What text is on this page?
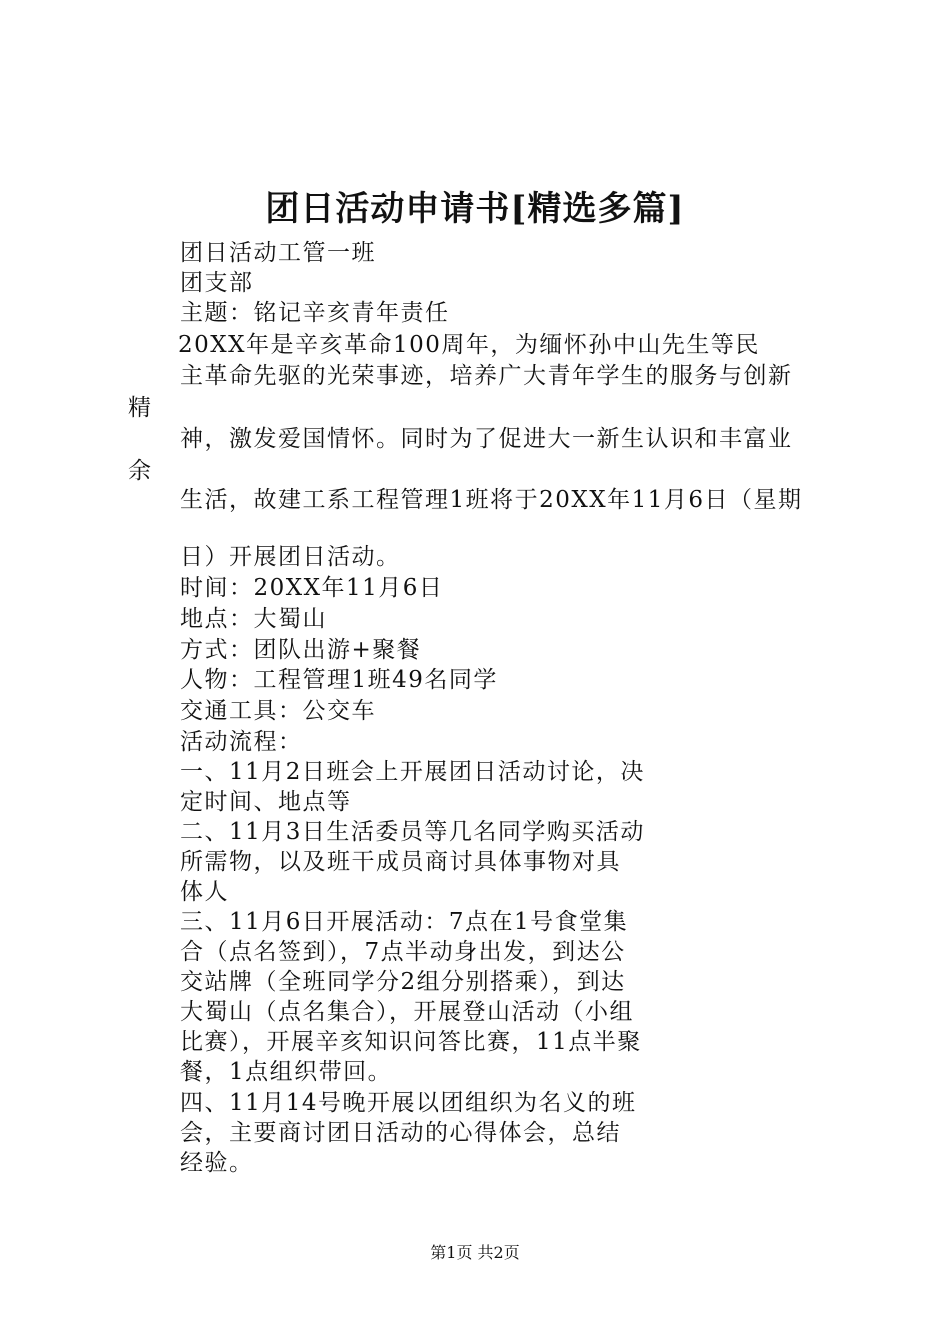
团日活动申请书[精选多篇]
团日活动工管一班
团支部
主题：铭记辛亥青年责任
20XX年是辛亥革命100周年，为缅怀孙中山先生等民
主革命先驱的光荣事迹，培养广大青年学生的服务与创新
精
神，激发爱国情怀。同时为了促进大一新生认识和丰富业
余
生活，故建工系工程管理1班将于20XX年11月6日（星期
日）开展团日活动。
时间：20XX年11月6日
地点：大蜀山
方式：团队出游+聚餐
人物：工程管理1班49名同学
交通工具：公交车
活动流程：
一、11月2日班会上开展团日活动讨论，决
定时间、地点等
二、11月3日生活委员等几名同学购买活动
所需物，以及班干成员商讨具体事物对具
体人
三、11月6日开展活动：7点在1号食堂集
合（点名签到），7点半动身出发，到达公
交站牌（全班同学分2组分别搭乘），到达
大蜀山（点名集合），开展登山活动（小组
比赛），开展辛亥知识问答比赛，11点半聚
餐，1点组织带回。
四、11月14号晚开展以团组织为名义的班
会，主要商讨团日活动的心得体会，总结
经验。
第1页 共2页
